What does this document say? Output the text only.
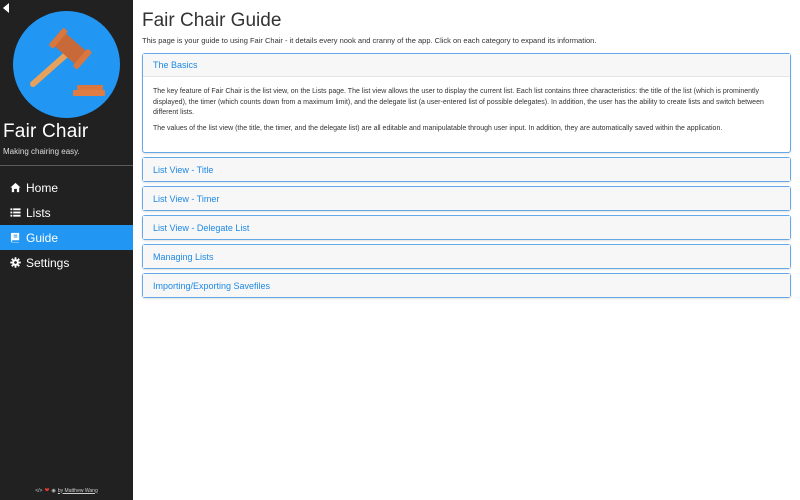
Fair Chair
Making chairing easy.
Home
Lists
Guide
Settings
</> ❤ ◉ by Matthew Wang
Fair Chair Guide
This page is your guide to using Fair Chair - it details every nook and cranny of the app. Click on each category to expand its information.
The Basics

The key feature of Fair Chair is the list view, on the Lists page. The list view allows the user to display the current list. Each list contains three characteristics: the title of the list (which is prominently displayed), the timer (which counts down from a maximum limit), and the delegate list (a user-entered list of possible delegates). In addition, the user has the ability to create lists and switch between different lists.

The values of the list view (the title, the timer, and the delegate list) are all editable and manipulatable through user input. In addition, they are automatically saved within the application.

List View - Title
List View - Timer
List View - Delegate List
Managing Lists
Importing/Exporting Savefiles
